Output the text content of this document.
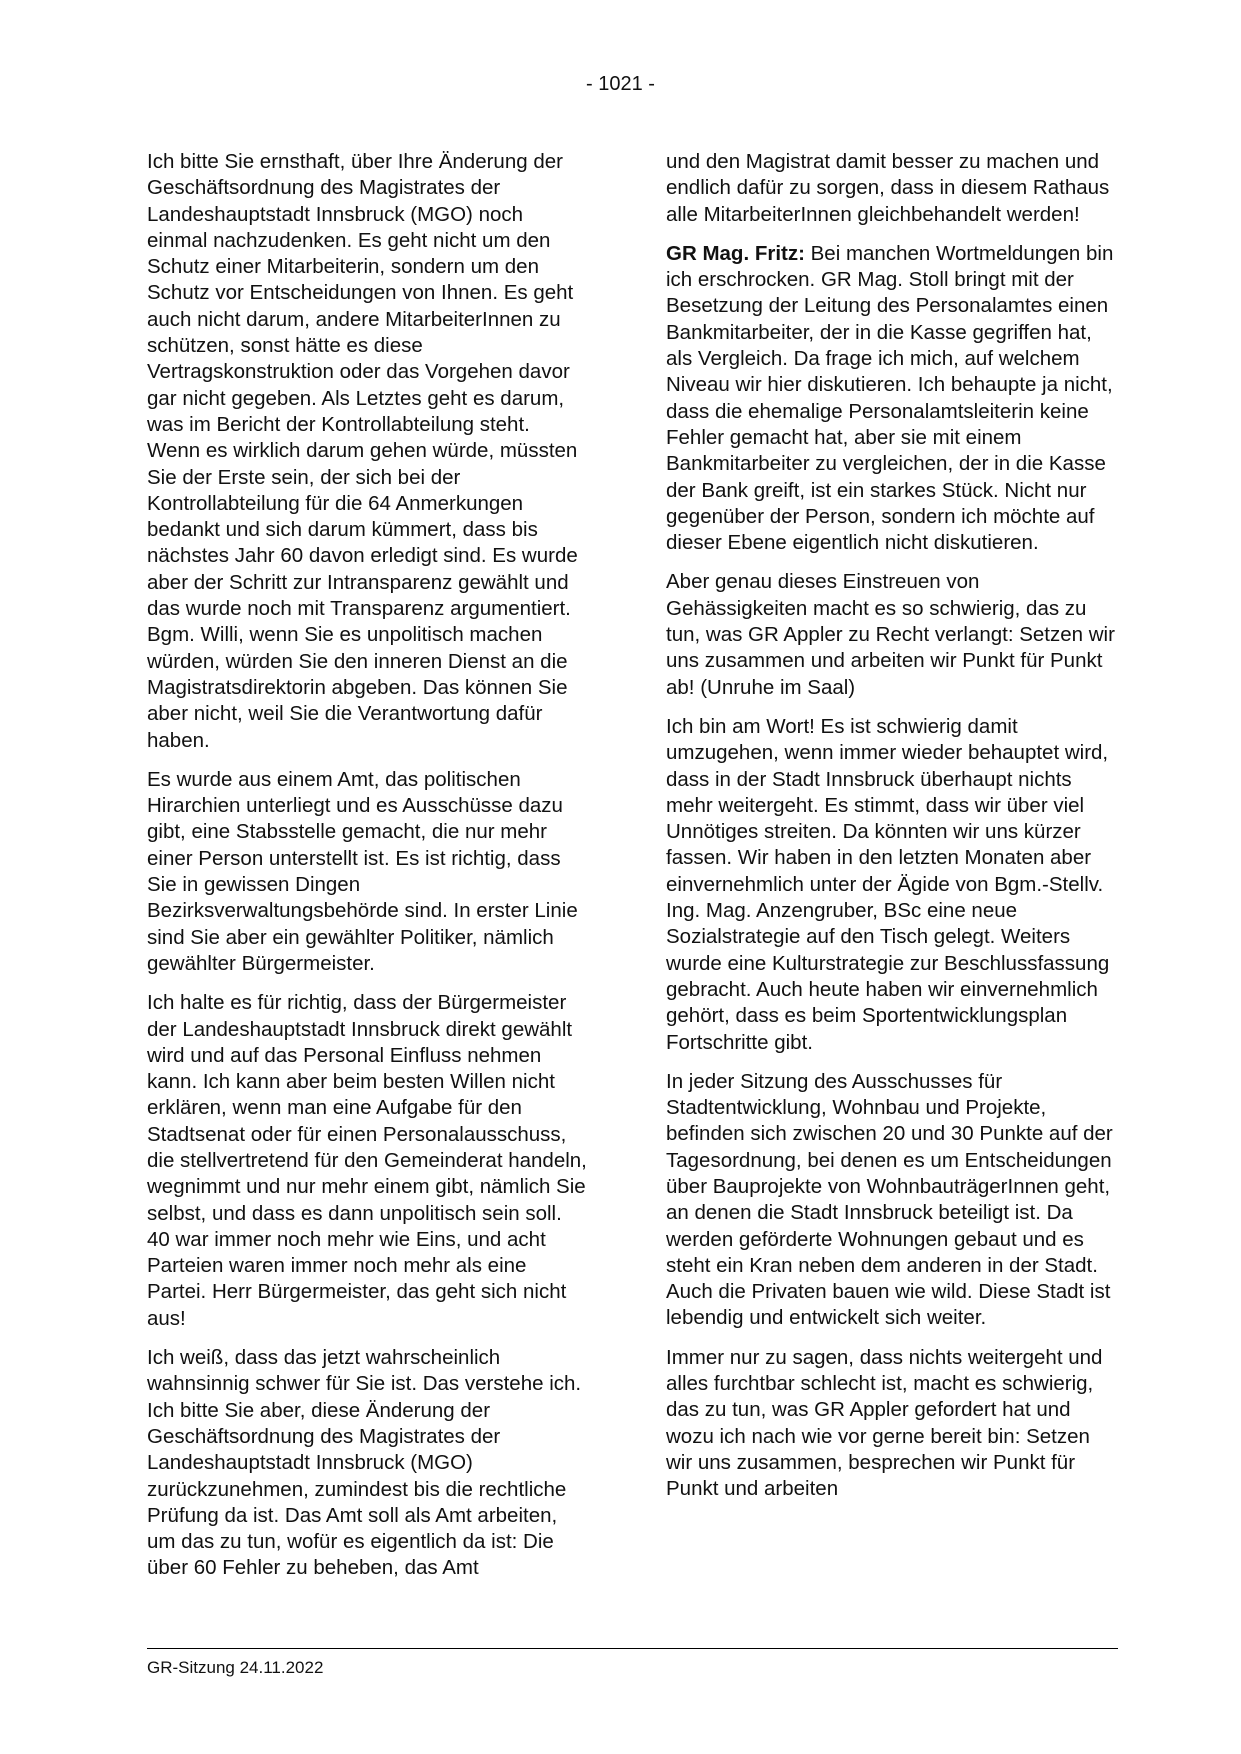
- 1021 -

Ich bitte Sie ernsthaft, über Ihre Änderung der Geschäftsordnung des Magistrates der Landeshauptstadt Innsbruck (MGO) noch einmal nachzudenken. Es geht nicht um den Schutz einer Mitarbeiterin, sondern um den Schutz vor Entscheidungen von Ihnen. Es geht auch nicht darum, andere MitarbeiterInnen zu schützen, sonst hätte es diese Vertragskonstruktion oder das Vorgehen davor gar nicht gegeben. Als Letztes geht es darum, was im Bericht der Kontrollabteilung steht. Wenn es wirklich darum gehen würde, müssten Sie der Erste sein, der sich bei der Kontrollabteilung für die 64 Anmerkungen bedankt und sich darum kümmert, dass bis nächstes Jahr 60 davon erledigt sind. Es wurde aber der Schritt zur Intransparenz gewählt und das wurde noch mit Transparenz argumentiert. Bgm. Willi, wenn Sie es unpolitisch machen würden, würden Sie den inneren Dienst an die Magistratsdirektorin abgeben. Das können Sie aber nicht, weil Sie die Verantwortung dafür haben.

Es wurde aus einem Amt, das politischen Hirarchien unterliegt und es Ausschüsse dazu gibt, eine Stabsstelle gemacht, die nur mehr einer Person unterstellt ist. Es ist richtig, dass Sie in gewissen Dingen Bezirksverwaltungsbehörde sind. In erster Linie sind Sie aber ein gewählter Politiker, nämlich gewählter Bürgermeister.

Ich halte es für richtig, dass der Bürgermeister der Landeshauptstadt Innsbruck direkt gewählt wird und auf das Personal Einfluss nehmen kann. Ich kann aber beim besten Willen nicht erklären, wenn man eine Aufgabe für den Stadtsenat oder für einen Personalausschuss, die stellvertretend für den Gemeinderat handeln, wegnimmt und nur mehr einem gibt, nämlich Sie selbst, und dass es dann unpolitisch sein soll. 40 war immer noch mehr wie Eins, und acht Parteien waren immer noch mehr als eine Partei. Herr Bürgermeister, das geht sich nicht aus!

Ich weiß, dass das jetzt wahrscheinlich wahnsinnig schwer für Sie ist. Das verstehe ich. Ich bitte Sie aber, diese Änderung der Geschäftsordnung des Magistrates der Landeshauptstadt Innsbruck (MGO) zurückzunehmen, zumindest bis die rechtliche Prüfung da ist. Das Amt soll als Amt arbeiten, um das zu tun, wofür es eigentlich da ist: Die über 60 Fehler zu beheben, das Amt

und den Magistrat damit besser zu machen und endlich dafür zu sorgen, dass in diesem Rathaus alle MitarbeiterInnen gleichbehandelt werden!

GR Mag. Fritz: Bei manchen Wortmeldungen bin ich erschrocken. GR Mag. Stoll bringt mit der Besetzung der Leitung des Personalamtes einen Bankmitarbeiter, der in die Kasse gegriffen hat, als Vergleich. Da frage ich mich, auf welchem Niveau wir hier diskutieren. Ich behaupte ja nicht, dass die ehemalige Personalamtsleiterin keine Fehler gemacht hat, aber sie mit einem Bankmitarbeiter zu vergleichen, der in die Kasse der Bank greift, ist ein starkes Stück. Nicht nur gegenüber der Person, sondern ich möchte auf dieser Ebene eigentlich nicht diskutieren.

Aber genau dieses Einstreuen von Gehässigkeiten macht es so schwierig, das zu tun, was GR Appler zu Recht verlangt: Setzen wir uns zusammen und arbeiten wir Punkt für Punkt ab! (Unruhe im Saal)

Ich bin am Wort! Es ist schwierig damit umzugehen, wenn immer wieder behauptet wird, dass in der Stadt Innsbruck überhaupt nichts mehr weitergeht. Es stimmt, dass wir über viel Unnötiges streiten. Da könnten wir uns kürzer fassen. Wir haben in den letzten Monaten aber einvernehmlich unter der Ägide von Bgm.-Stellv. Ing. Mag. Anzengruber, BSc eine neue Sozialstrategie auf den Tisch gelegt. Weiters wurde eine Kulturstrategie zur Beschlussfassung gebracht. Auch heute haben wir einvernehmlich gehört, dass es beim Sportentwicklungsplan Fortschritte gibt.

In jeder Sitzung des Ausschusses für Stadtentwicklung, Wohnbau und Projekte, befinden sich zwischen 20 und 30 Punkte auf der Tagesordnung, bei denen es um Entscheidungen über Bauprojekte von WohnbauträgerInnen geht, an denen die Stadt Innsbruck beteiligt ist. Da werden geförderte Wohnungen gebaut und es steht ein Kran neben dem anderen in der Stadt. Auch die Privaten bauen wie wild. Diese Stadt ist lebendig und entwickelt sich weiter.

Immer nur zu sagen, dass nichts weitergeht und alles furchtbar schlecht ist, macht es schwierig, das zu tun, was GR Appler gefordert hat und wozu ich nach wie vor gerne bereit bin: Setzen wir uns zusammen, besprechen wir Punkt für Punkt und arbeiten

GR-Sitzung 24.11.2022
